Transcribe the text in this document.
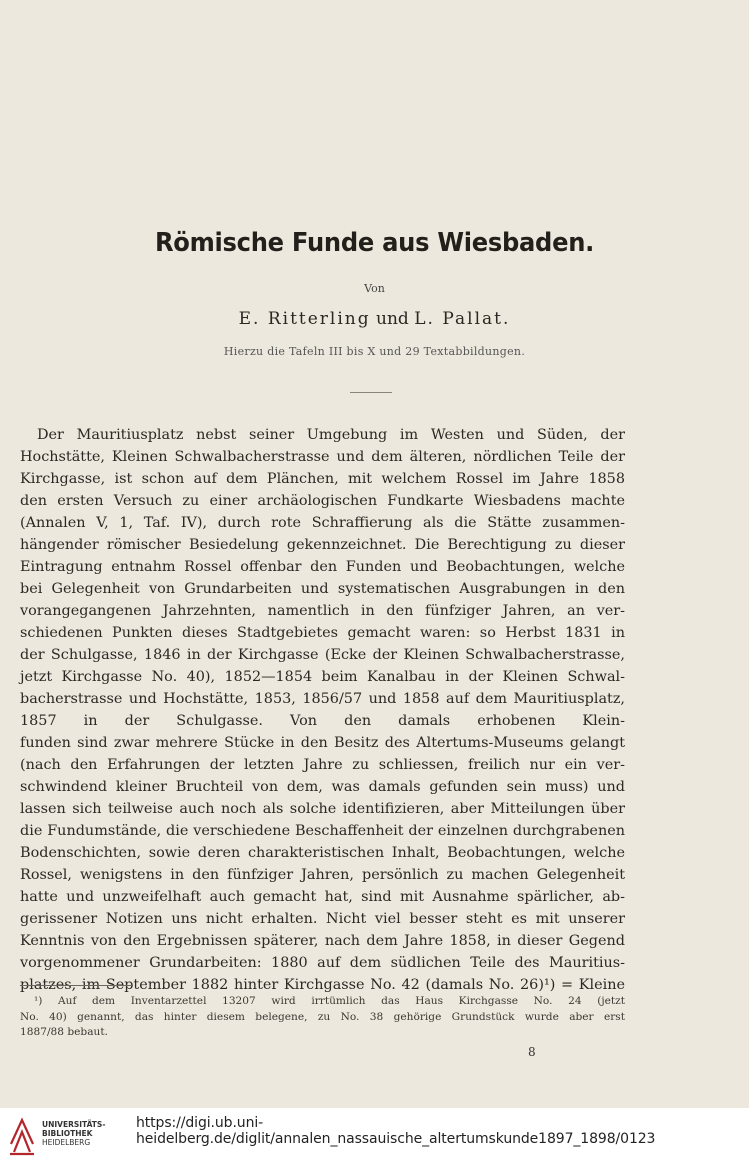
Römische Funde aus Wiesbaden.
Von
E. Ritterling und L. Pallat.
Hierzu die Tafeln III bis X und 29 Textabbildungen.
Der Mauritiusplatz nebst seiner Umgebung im Westen und Süden, der
Hochstätte, Kleinen Schwalbacherstrasse und dem älteren, nördlichen Teile der
Kirchgasse, ist schon auf dem Plänchen, mit welchem Rossel im Jahre 1858
den ersten Versuch zu einer archäologischen Fundkarte Wiesbadens machte
(Annalen V, 1, Taf. IV), durch rote Schraffierung als die Stätte zusammen-
hängender römischer Besiedelung gekennzeichnet. Die Berechtigung zu dieser
Eintragung entnahm Rossel offenbar den Funden und Beobachtungen, welche
bei Gelegenheit von Grundarbeiten und systematischen Ausgrabungen in den
vorangegangenen Jahrzehnten, namentlich in den fünfziger Jahren, an ver-
schiedenen Punkten dieses Stadtgebietes gemacht waren: so Herbst 1831 in
der Schulgasse, 1846 in der Kirchgasse (Ecke der Kleinen Schwalbacherstrasse,
jetzt Kirchgasse No. 40), 1852—1854 beim Kanalbau in der Kleinen Schwal-
bacherstrasse und Hochstätte, 1853, 1856/57 und 1858 auf dem Mauritiusplatz,
1857 in der Schulgasse. Von den damals erhobenen Klein-
funden sind zwar mehrere Stücke in den Besitz des Altertums-Museums gelangt
(nach den Erfahrungen der letzten Jahre zu schliessen, freilich nur ein ver-
schwindend kleiner Bruchteil von dem, was damals gefunden sein muss) und
lassen sich teilweise auch noch als solche identifizieren, aber Mitteilungen über
die Fundumstände, die verschiedene Beschaffenheit der einzelnen durchgrabenen
Bodenschichten, sowie deren charakteristischen Inhalt, Beobachtungen, welche
Rossel, wenigstens in den fünfziger Jahren, persönlich zu machen Gelegenheit
hatte und unzweifelhaft auch gemacht hat, sind mit Ausnahme spärlicher, ab-
gerissener Notizen uns nicht erhalten. Nicht viel besser steht es mit unserer
Kenntnis von den Ergebnissen späterer, nach dem Jahre 1858, in dieser Gegend
vorgenommener Grundarbeiten: 1880 auf dem südlichen Teile des Mauritius-
platzes, im September 1882 hinter Kirchgasse No. 42 (damals No. 26)¹) = Kleine
¹) Auf dem Inventarzettel 13207 wird irrtümlich das Haus Kirchgasse No. 24 (jetzt
No. 40) genannt, das hinter diesem belegene, zu No. 38 gehörige Grundstück wurde aber erst
1887/88 bebaut.
8
UNIVERSITÄTS-
BIBLIOTHEK
HEIDELBERG
https://digi.ub.uni-heidelberg.de/diglit/annalen_nassauische_altertumskunde1897_1898/0123
